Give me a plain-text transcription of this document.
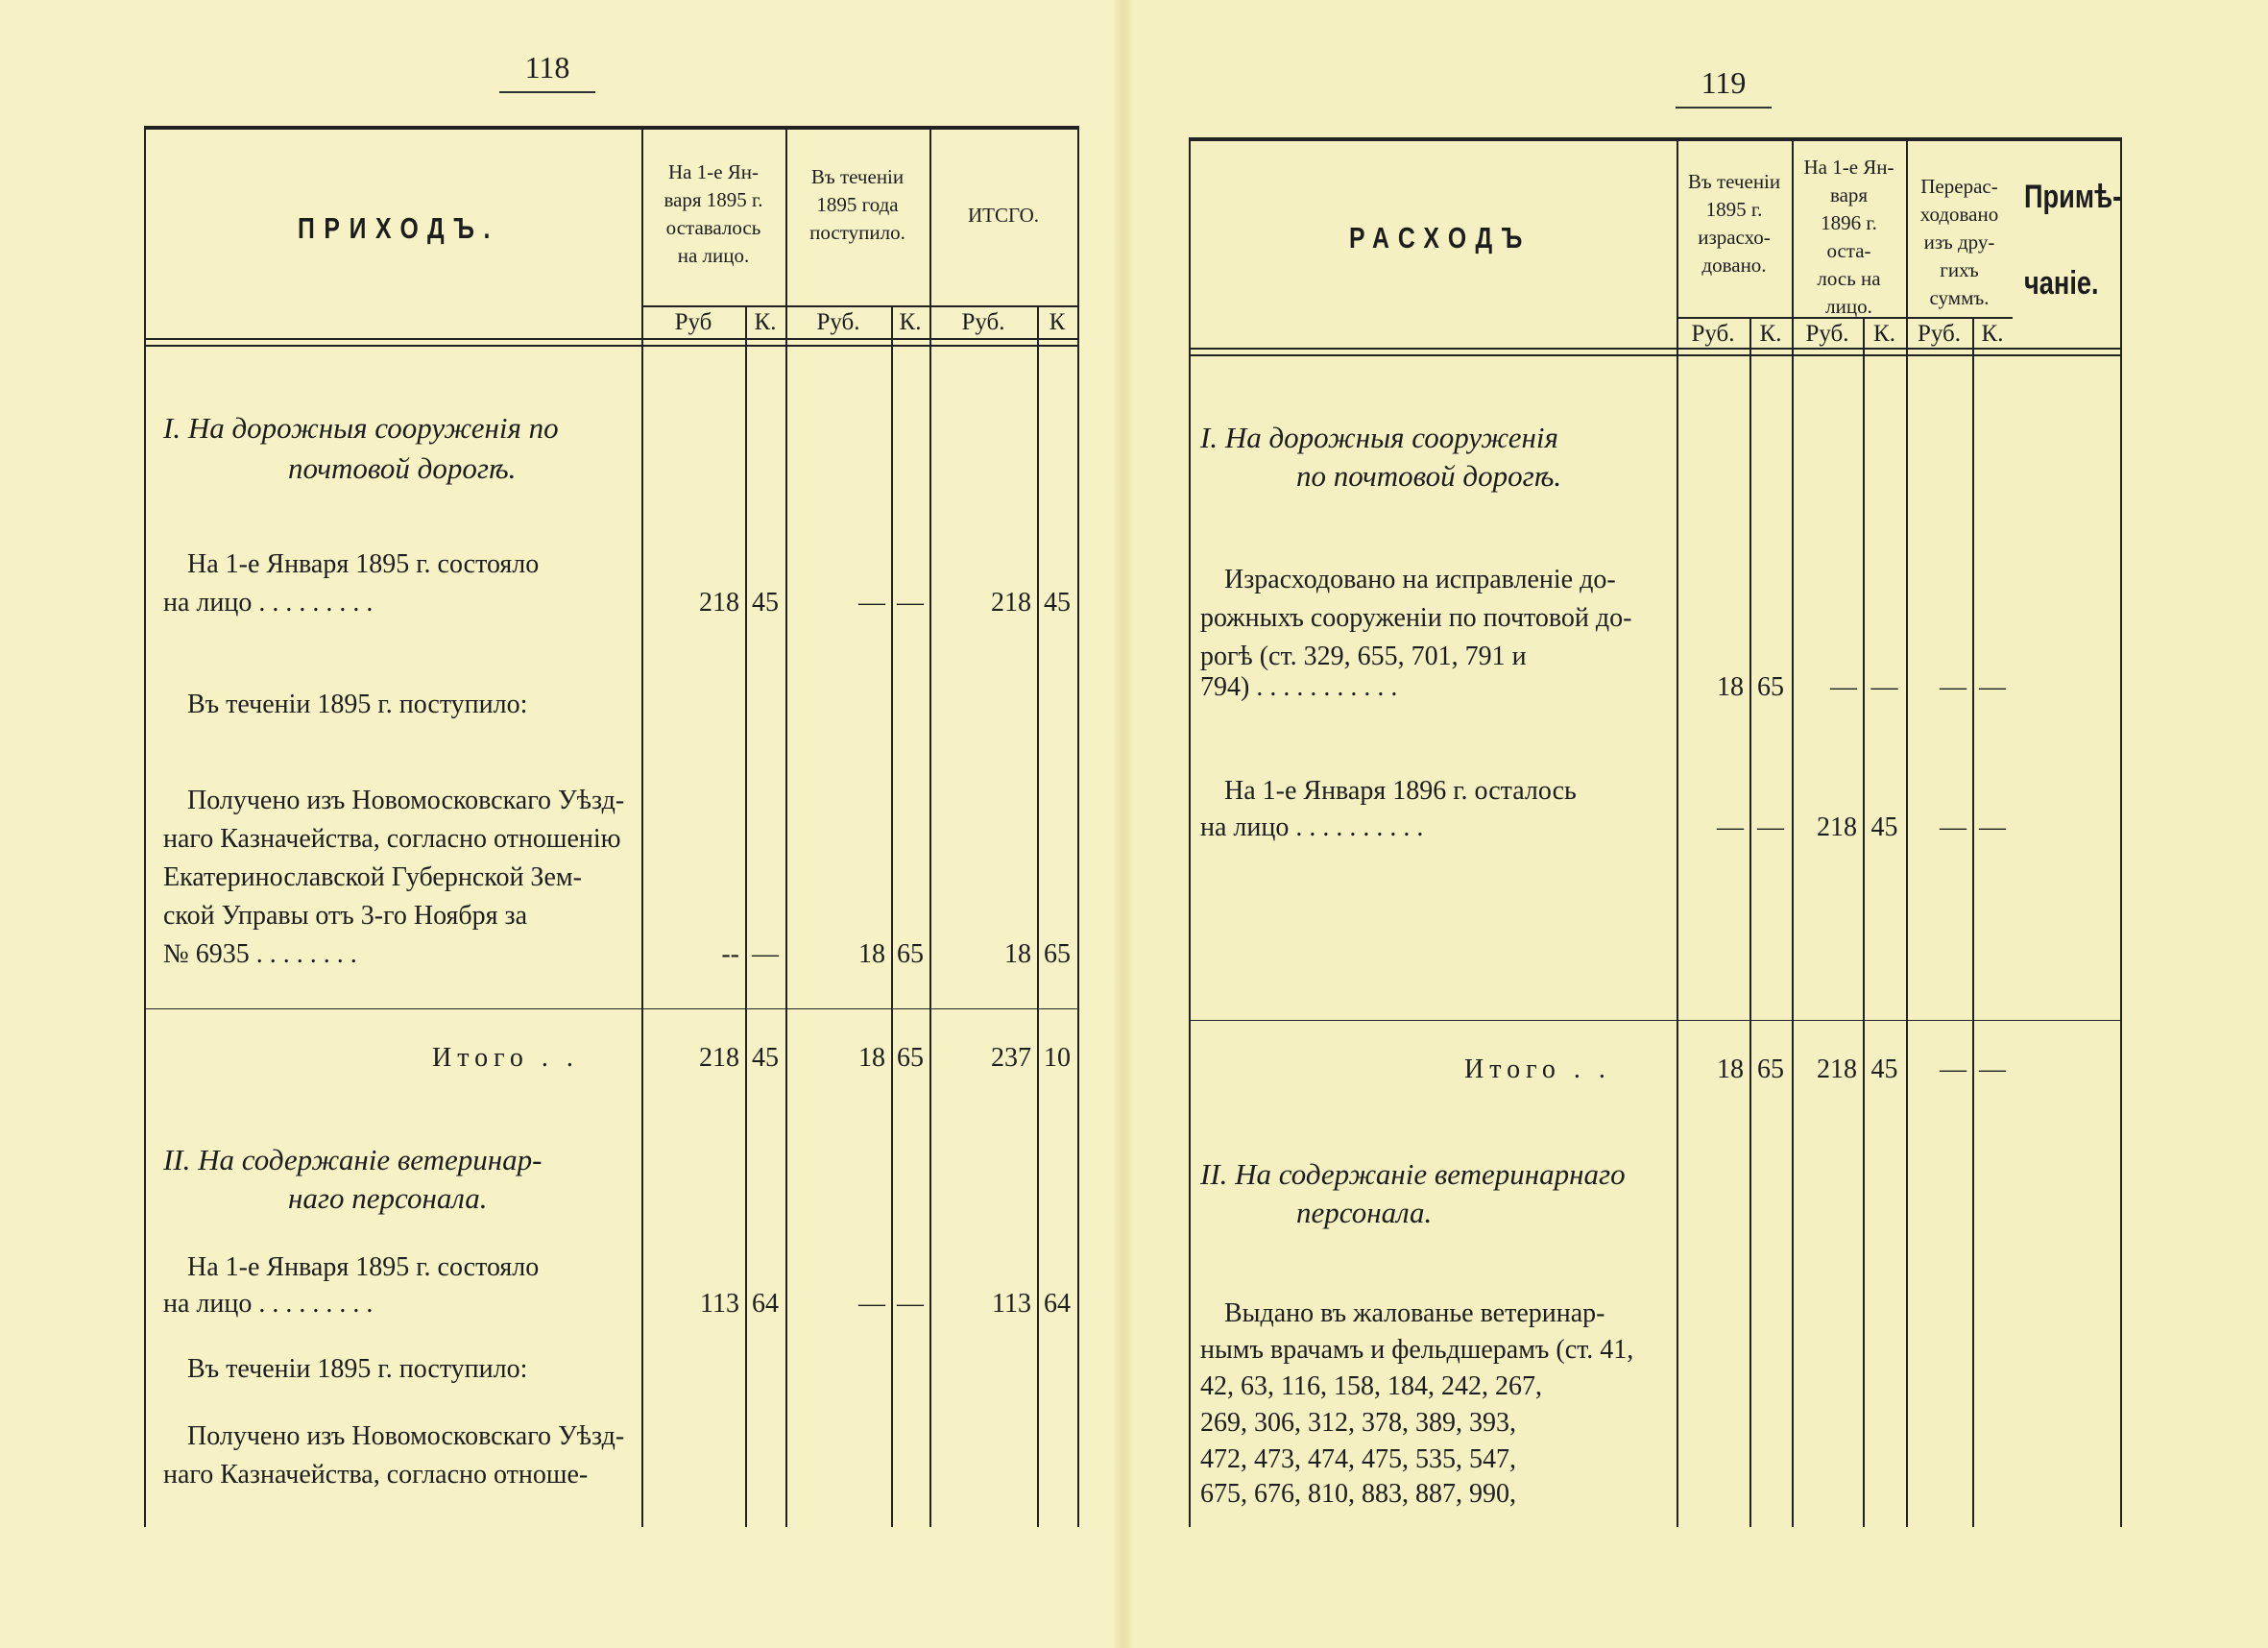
118
ПРИХОДЪ.
На 1-е Ян-
варя 1895 г.
оставалось
на лицо.
Руб	К.
Въ теченіи
1895 года
поступило.
Руб.	К.
ИТСГО.
Руб.	К
I. На дорожныя сооруженія по
почтовой дорогѣ.
На 1-е Января 1895 г. состояло
на лицо . . . . . . . . .	218 45	— —	218 45
Въ теченіи 1895 г. поступило:
Получено изъ Новомосковскаго Уѣзд-
наго Казначейства, согласно отношенію
Екатеринославской Губернской Зем-
ской Управы отъ 3-го Ноября за
№ 6935 . . . . . . . .	-- —	18 65	18 65
Итого . .	218 45	18 65	237 10
II. На содержаніе ветеринар-
наго персонала.
На 1-е Января 1895 г. состояло
на лицо . . . . . . . . .	113 64	— —	113 64
Въ теченіи 1895 г. поступило:
Получено изъ Новомосковскаго Уѣзд-
наго Казначейства, согласно отноше-
119
РАСХОДЪ
Въ теченіи
1895 г.
израсхо-
довано.
Руб.	К.
На 1-е Ян-
варя
1896 г.
оста-
лось на
лицо.
Руб.	К.
Перерас-
ходовано
изъ дру-
гихъ
суммъ.
Руб. К.
Примѣ-
чаніе.
I. На дорожныя сооруженія
по почтовой дорогѣ.
Израсходовано на исправленіе до-
рожныхъ сооруженіи по почтовой до-
рогѣ (ст. 329, 655, 701, 791 и
794) . . . . . . . . . . .	18 65	— —	— —
На 1-е Января 1896 г. осталось
на лицо . . . . . . . . . .	— —	218 45	— —
Итого . .	18 65	218 45	— —
II. На содержаніе ветеринарнаго
персонала.
Выдано въ жалованье ветеринар-
нымъ врачамъ и фельдшерамъ (ст. 41,
42, 63, 116, 158, 184, 242, 267,
269, 306, 312, 378, 389, 393,
472, 473, 474, 475, 535, 547,
675, 676, 810, 883, 887, 990,
